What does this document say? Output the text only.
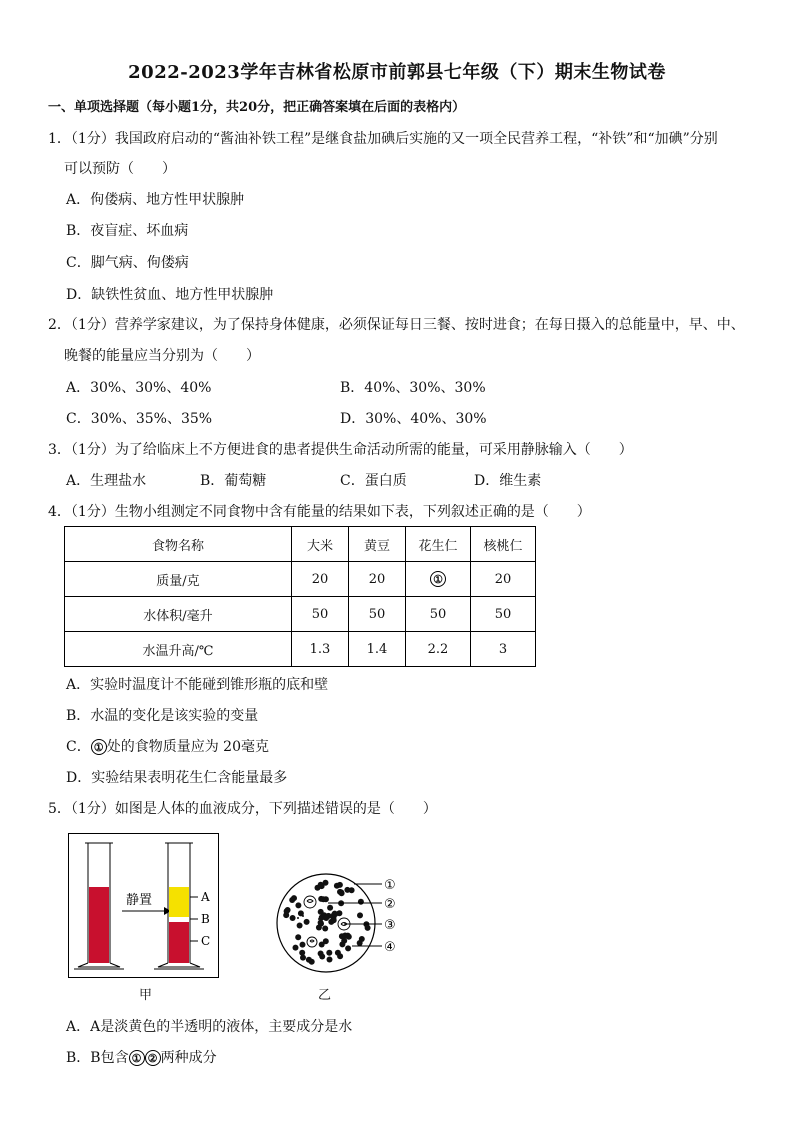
2022-2023学年吉林省松原市前郭县七年级（下）期末生物试卷
一、单项选择题（每小题1分，共20分，把正确答案填在后面的表格内）
1．（1分）我国政府启动的“酱油补铁工程”是继食盐加碘后实施的又一项全民营养工程，“补铁”和“加碘”分别
可以预防（　　）
A．佝偻病、地方性甲状腺肿
B．夜盲症、坏血病
C．脚气病、佝偻病
D．缺铁性贫血、地方性甲状腺肿
2．（1分）营养学家建议，为了保持身体健康，必须保证每日三餐、按时进食；在每日摄入的总能量中，早、中、
晚餐的能量应当分别为（　　）
A．30%、30%、40%	B．40%、30%、30%
C．30%、35%、35%	D．30%、40%、30%
3．（1分）为了给临床上不方便进食的患者提供生命活动所需的能量，可采用静脉输入（　　）
A．生理盐水	B．葡萄糖	C．蛋白质	D．维生素
4．（1分）生物小组测定不同食物中含有能量的结果如下表，下列叙述正确的是（　　）
食物名称	大米	黄豆	花生仁	核桃仁
质量/克	20	20	①	20
水体积/毫升	50	50	50	50
水温升高/℃	1.3	1.4	2.2	3
A．实验时温度计不能碰到锥形瓶的底和壁
B．水温的变化是该实验的变量
C． ① 处的食物质量应为 20毫克
D．实验结果表明花生仁含能量最多
5．（1分）如图是人体的血液成分，下列描述错误的是（　　）
静置	A
B
C
甲
①
②
③
④
乙
A．A是淡黄色的半透明的液体，主要成分是水
B．B包含 ① ② 两种成分
